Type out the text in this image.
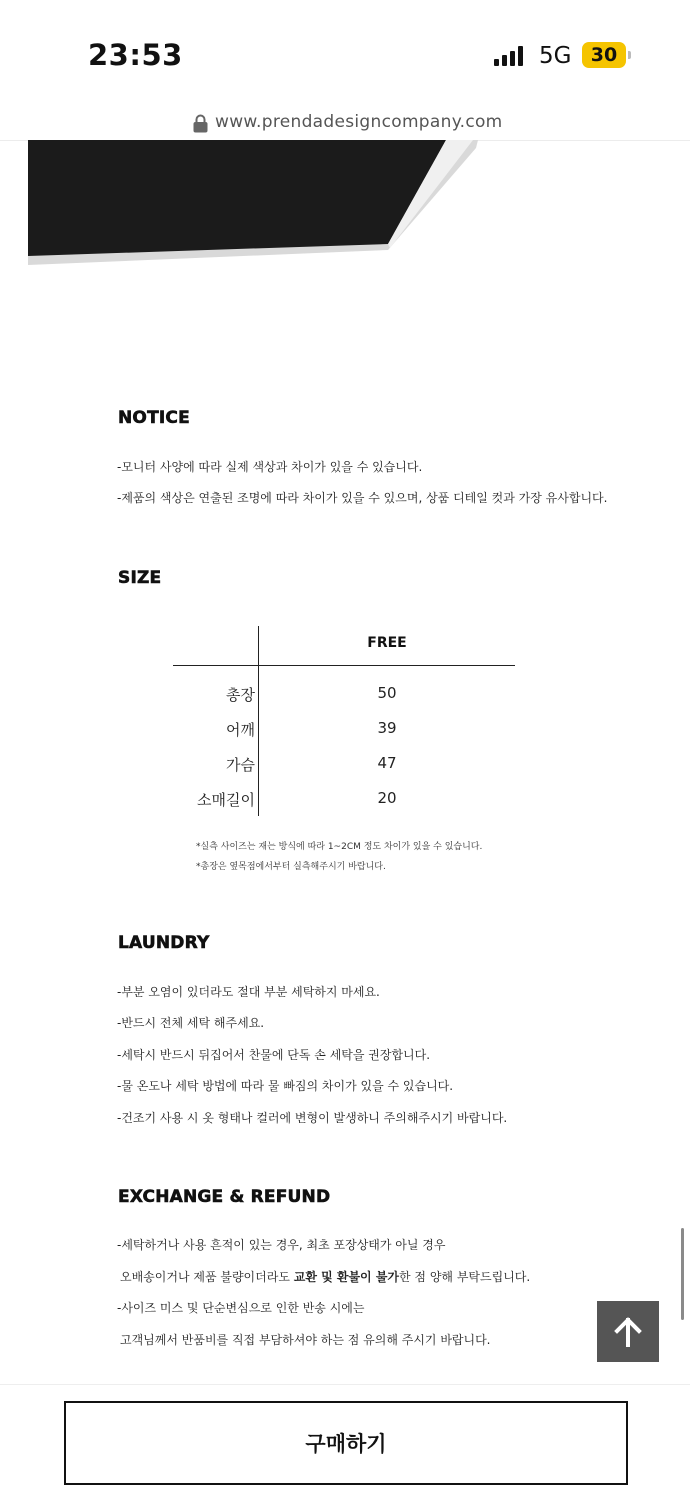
23:53	5G	30
www.prendadesigncompany.com
NOTICE
-모니터 사양에 따라 실제 색상과 차이가 있을 수 있습니다.
-제품의 색상은 연출된 조명에 따라 차이가 있을 수 있으며, 상품 디테일 컷과 가장 유사합니다.
SIZE
FREE
총장	50
어깨	39
가슴	47
소매길이	20
*실측 사이즈는 재는 방식에 따라 1~2CM 정도 차이가 있을 수 있습니다.
*총장은 옆목점에서부터 실측해주시기 바랍니다.
LAUNDRY
-부분 오염이 있더라도 절대 부분 세탁하지 마세요.
-반드시 전체 세탁 해주세요.
-세탁시 반드시 뒤집어서 찬물에 단독 손 세탁을 권장합니다.
-물 온도나 세탁 방법에 따라 물 빠짐의 차이가 있을 수 있습니다.
-건조기 사용 시 옷 형태나 컬러에 변형이 발생하니 주의해주시기 바랍니다.
EXCHANGE & REFUND
-세탁하거나 사용 흔적이 있는 경우, 최초 포장상태가 아닐 경우
오배송이거나 제품 불량이더라도 교환 및 환불이 불가한 점 양해 부탁드립니다.
-사이즈 미스 및 단순변심으로 인한 반송 시에는
고객님께서 반품비를 직접 부담하셔야 하는 점 유의해 주시기 바랍니다.
구매하기
